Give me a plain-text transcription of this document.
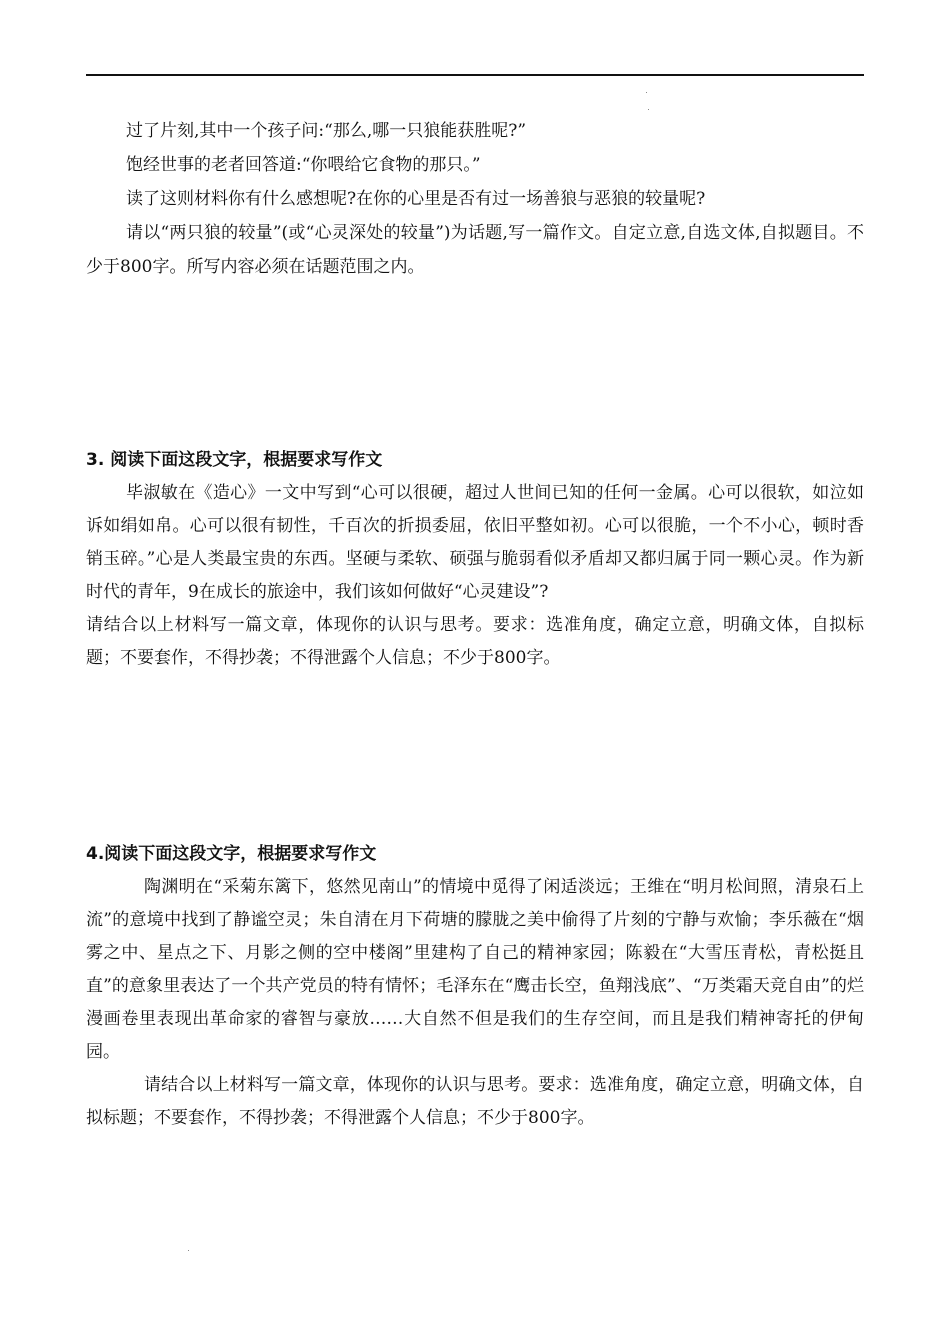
过了片刻,其中一个孩子问:“那么,哪一只狼能获胜呢?”

饱经世事的老者回答道:“你喂给它食物的那只。”

读了这则材料你有什么感想呢?在你的心里是否有过一场善狼与恶狼的较量呢?

请以“两只狼的较量”(或“心灵深处的较量”)为话题,写一篇作文。自定立意,自选文体,自拟题目。不少于800字。所写内容必须在话题范围之内。

3. 阅读下面这段文字，根据要求写作文

毕淑敏在《造心》一文中写到“心可以很硬，超过人世间已知的任何一金属。心可以很软，如泣如诉如绢如帛。心可以很有韧性，千百次的折损委屈，依旧平整如初。心可以很脆，一个不小心，顿时香销玉碎。”心是人类最宝贵的东西。坚硬与柔软、硕强与脆弱看似矛盾却又都归属于同一颗心灵。作为新时代的青年，9在成长的旅途中，我们该如何做好“心灵建设”?

请结合以上材料写一篇文章，体现你的认识与思考。要求：选准角度，确定立意，明确文体，自拟标题；不要套作，不得抄袭；不得泄露个人信息；不少于800字。

4.阅读下面这段文字，根据要求写作文

陶渊明在“采菊东篱下，悠然见南山”的情境中觅得了闲适淡远；王维在“明月松间照，清泉石上流”的意境中找到了静谧空灵；朱自清在月下荷塘的朦胧之美中偷得了片刻的宁静与欢愉；李乐薇在“烟雾之中、星点之下、月影之侧的空中楼阁”里建构了自己的精神家园；陈毅在“大雪压青松，青松挺且直”的意象里表达了一个共产党员的特有情怀；毛泽东在“鹰击长空，鱼翔浅底”、“万类霜天竞自由”的烂漫画卷里表现出革命家的睿智与豪放……大自然不但是我们的生存空间，而且是我们精神寄托的伊甸园。

请结合以上材料写一篇文章，体现你的认识与思考。要求：选准角度，确定立意，明确文体，自拟标题；不要套作，不得抄袭；不得泄露个人信息；不少于800字。
